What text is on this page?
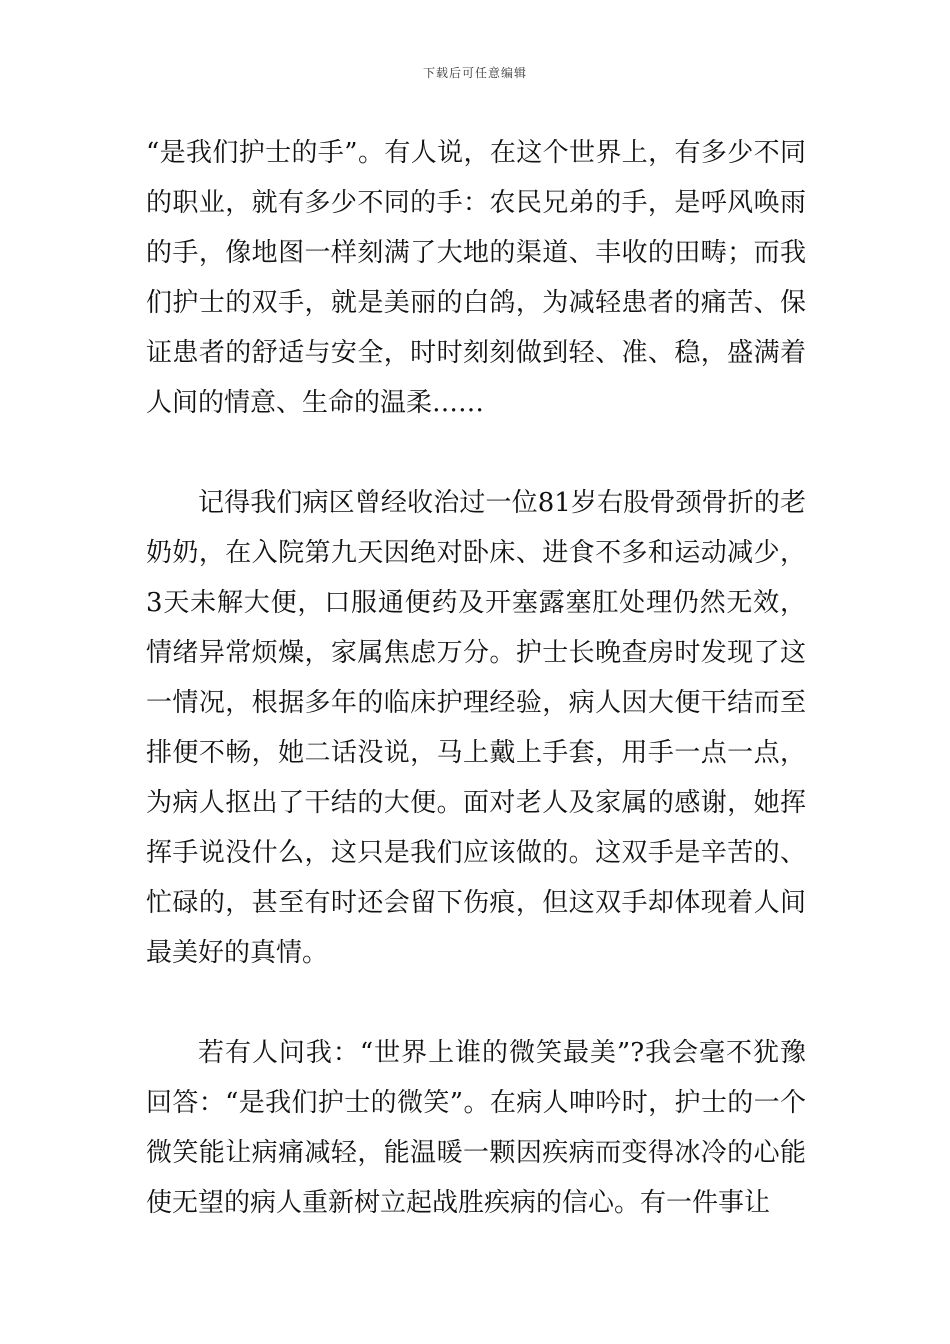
下载后可任意编辑

“是我们护士的手”。有人说，在这个世界上，有多少不同的职业，就有多少不同的手：农民兄弟的手，是呼风唤雨的手，像地图一样刻满了大地的渠道、丰收的田畴；而我们护士的双手，就是美丽的白鸽，为减轻患者的痛苦、保证患者的舒适与安全，时时刻刻做到轻、准、稳，盛满着人间的情意、生命的温柔……

记得我们病区曾经收治过一位81岁右股骨颈骨折的老奶奶，在入院第九天因绝对卧床、进食不多和运动减少，3天未解大便，口服通便药及开塞露塞肛处理仍然无效，情绪异常烦燥，家属焦虑万分。护士长晚查房时发现了这一情况，根据多年的临床护理经验，病人因大便干结而至排便不畅，她二话没说，马上戴上手套，用手一点一点，为病人抠出了干结的大便。面对老人及家属的感谢，她挥挥手说没什么，这只是我们应该做的。这双手是辛苦的、忙碌的，甚至有时还会留下伤痕，但这双手却体现着人间最美好的真情。

若有人问我：“世界上谁的微笑最美”?我会毫不犹豫回答：“是我们护士的微笑”。在病人呻吟时，护士的一个微笑能让病痛减轻，能温暖一颗因疾病而变得冰冷的心能使无望的病人重新树立起战胜疾病的信心。有一件事让
